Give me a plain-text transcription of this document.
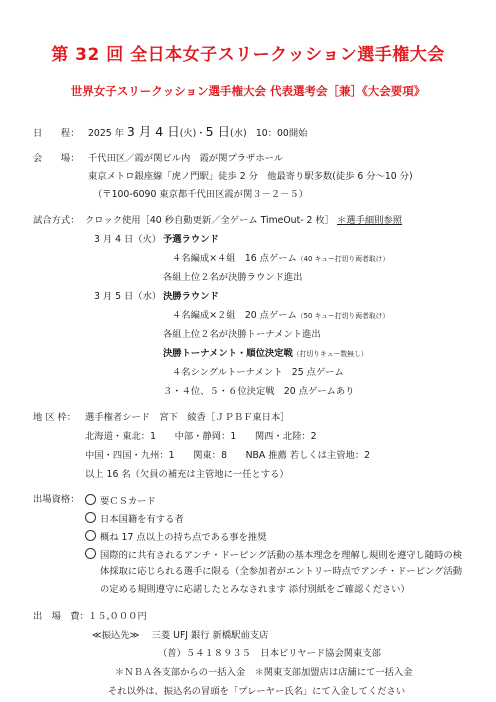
第 32 回 全日本女子スリークッション選手権大会
世界女子スリークッション選手権大会 代表選考会［兼］《大会要項》
日　　程： 2025 年 3 月 4 日(火)・5 日(水)　10：00開始
会　　場： 千代田区／霞が関ビル内　霞が関プラザホール
東京メトロ銀座線「虎ノ門駅」徒歩 2 分　他最寄り駅多数(徒歩 6 分〜10 分)
（〒100-6090 東京都千代田区霞が関３－２－５）
試合方式： クロック使用［40 秒自動更新／全ゲーム TimeOut- 2 枚］ ＊選手細則参照
3 月 4 日（火） 予選ラウンド
４名編成×４組　16 点ゲーム（40 キュー打切り両者取け）
各組上位２名が決勝ラウンド進出
3 月 5 日（水） 決勝ラウンド
４名編成×２組　20 点ゲーム（50 キュー打切り両者取け）
各組上位２名が決勝トーナメント進出
決勝トーナメント・順位決定戦（打切りキュー数無し）
４名シングルトーナメント　25 点ゲーム
３・４位、５・６位決定戦　20 点ゲームあり
地 区 枠： 選手権者シード　宮下　綾香［ＪＰＢＦ東日本］
北海道・東北：1　　中部・静岡：1　　関西・北陸：2
中国・四国・九州：1　　関東：8　　NBA 推薦 若しくは主管地：2
以上 16 名（欠員の補充は主管地に一任とする）
出場資格：	要ＣＳカード
日本国籍を有する者
概ね 17 点以上の持ち点である事を推奨
国際的に共有されるアンチ・ドーピング活動の基本理念を理解し規則を遵守し随時の検
体採取に応じられる選手に限る（全参加者がエントリー時点でアンチ・ドーピング活動
の定める規則遵守に応諾したとみなされます 添付別紙をご確認ください）
出　場　費： １５,０００円
≪振込先≫　 三菱 UFJ 銀行 新橋駅前支店
（普）５４１８９３５　日本ビリヤード協会関東支部
＊ＮＢＡ各支部からの一括入金　＊関東支部加盟店は店舗にて一括入金
それ以外は、振込名の冒頭を「プレーヤー氏名」にて入金してください
